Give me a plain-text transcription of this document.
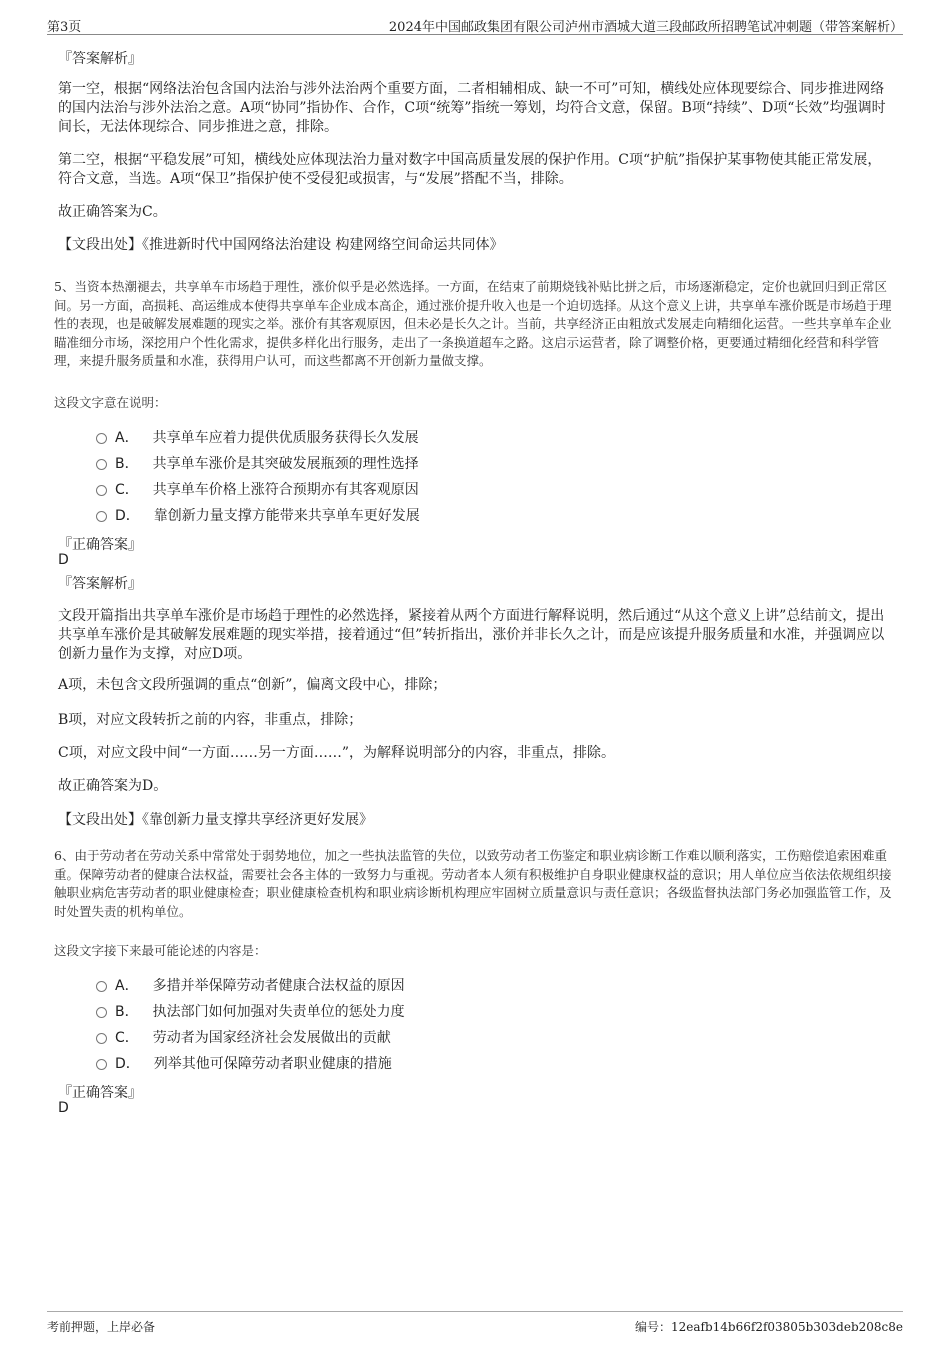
第3页	2024年中国邮政集团有限公司泸州市酒城大道三段邮政所招聘笔试冲刺题（带答案解析）

『答案解析』

第一空，根据“网络法治包含国内法治与涉外法治两个重要方面，二者相辅相成、缺一不可”可知，横线处应体现要综合、同步推进网络的国内法治与涉外法治之意。A项“协同”指协作、合作，C项“统筹”指统一筹划，均符合文意，保留。B项“持续”、D项“长效”均强调时间长，无法体现综合、同步推进之意，排除。

第二空，根据“平稳发展”可知，横线处应体现法治力量对数字中国高质量发展的保护作用。C项“护航”指保护某事物使其能正常发展，符合文意，当选。A项“保卫”指保护使不受侵犯或损害，与“发展”搭配不当，排除。

故正确答案为C。

【文段出处】《推进新时代中国网络法治建设 构建网络空间命运共同体》

5、当资本热潮褪去，共享单车市场趋于理性，涨价似乎是必然选择。一方面，在结束了前期烧钱补贴比拼之后，市场逐渐稳定，定价也就回归到正常区间。另一方面，高损耗、高运维成本使得共享单车企业成本高企，通过涨价提升收入也是一个迫切选择。从这个意义上讲，共享单车涨价既是市场趋于理性的表现，也是破解发展难题的现实之举。涨价有其客观原因，但未必是长久之计。当前，共享经济正由粗放式发展走向精细化运营。一些共享单车企业瞄准细分市场，深挖用户个性化需求，提供多样化出行服务，走出了一条换道超车之路。这启示运营者，除了调整价格，更要通过精细化经营和科学管理，来提升服务质量和水准，获得用户认可，而这些都离不开创新力量做支撑。

这段文字意在说明：

A． 共享单车应着力提供优质服务获得长久发展
B． 共享单车涨价是其突破发展瓶颈的理性选择
C． 共享单车价格上涨符合预期亦有其客观原因
D． 靠创新力量支撑方能带来共享单车更好发展

『正确答案』

D

『答案解析』

文段开篇指出共享单车涨价是市场趋于理性的必然选择，紧接着从两个方面进行解释说明，然后通过“从这个意义上讲”总结前文，提出共享单车涨价是其破解发展难题的现实举措，接着通过“但”转折指出，涨价并非长久之计，而是应该提升服务质量和水准，并强调应以创新力量作为支撑，对应D项。

A项，未包含文段所强调的重点“创新”，偏离文段中心，排除；

B项，对应文段转折之前的内容，非重点，排除；

C项，对应文段中间“一方面……另一方面……”，为解释说明部分的内容，非重点，排除。

故正确答案为D。

【文段出处】《靠创新力量支撑共享经济更好发展》

6、由于劳动者在劳动关系中常常处于弱势地位，加之一些执法监管的失位，以致劳动者工伤鉴定和职业病诊断工作难以顺利落实，工伤赔偿追索困难重重。保障劳动者的健康合法权益，需要社会各主体的一致努力与重视。劳动者本人须有积极维护自身职业健康权益的意识；用人单位应当依法依规组织接触职业病危害劳动者的职业健康检查；职业健康检查机构和职业病诊断机构理应牢固树立质量意识与责任意识；各级监督执法部门务必加强监管工作，及时处置失责的机构单位。

这段文字接下来最可能论述的内容是：

A． 多措并举保障劳动者健康合法权益的原因
B． 执法部门如何加强对失责单位的惩处力度
C． 劳动者为国家经济社会发展做出的贡献
D． 列举其他可保障劳动者职业健康的措施

『正确答案』

D

考前押题，上岸必备	编号：12eafb14b66f2f03805b303deb208c8e
